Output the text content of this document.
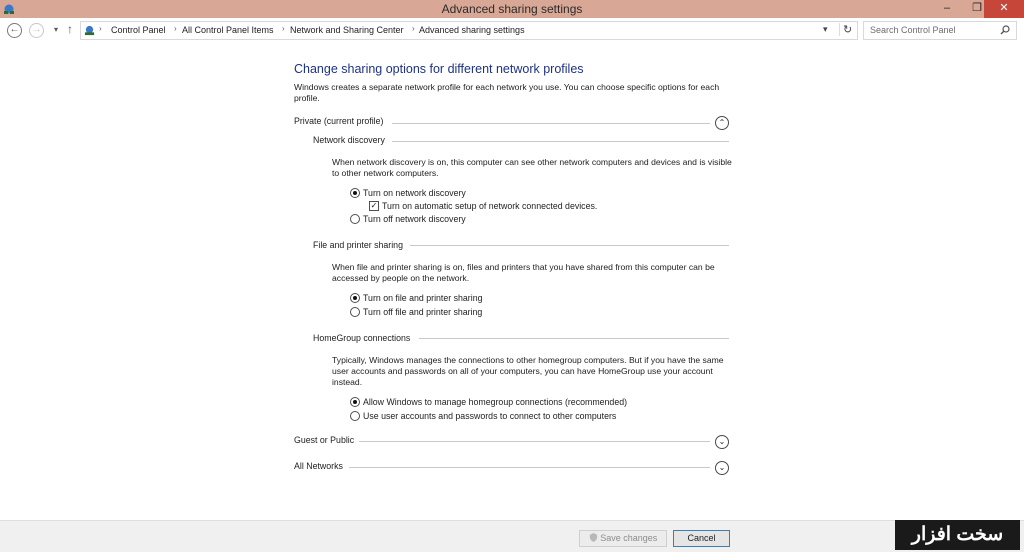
Advanced sharing settings	‒	❐	✕
← →	▾ ↑	› Control Panel › All Control Panel Items › Network and Sharing Center › Advanced sharing settings	▾	↻ Search Control Panel
Change sharing options for different network profiles
Windows creates a separate network profile for each network you use. You can choose specific options for each profile.
Private (current profile)	⌃
Network discovery
When network discovery is on, this computer can see other network computers and devices and is visible to other network computers.
Turn on network discovery
✓ Turn on automatic setup of network connected devices.
Turn off network discovery
File and printer sharing
When file and printer sharing is on, files and printers that you have shared from this computer can be accessed by people on the network.
Turn on file and printer sharing
Turn off file and printer sharing
HomeGroup connections
Typically, Windows manages the connections to other homegroup computers. But if you have the same user accounts and passwords on all of your computers, you can have HomeGroup use your account instead.
Allow Windows to manage homegroup connections (recommended)
Use user accounts and passwords to connect to other computers
Guest or Public	⌄
All Networks	⌄
Save changes	Cancel	سخت افزار
